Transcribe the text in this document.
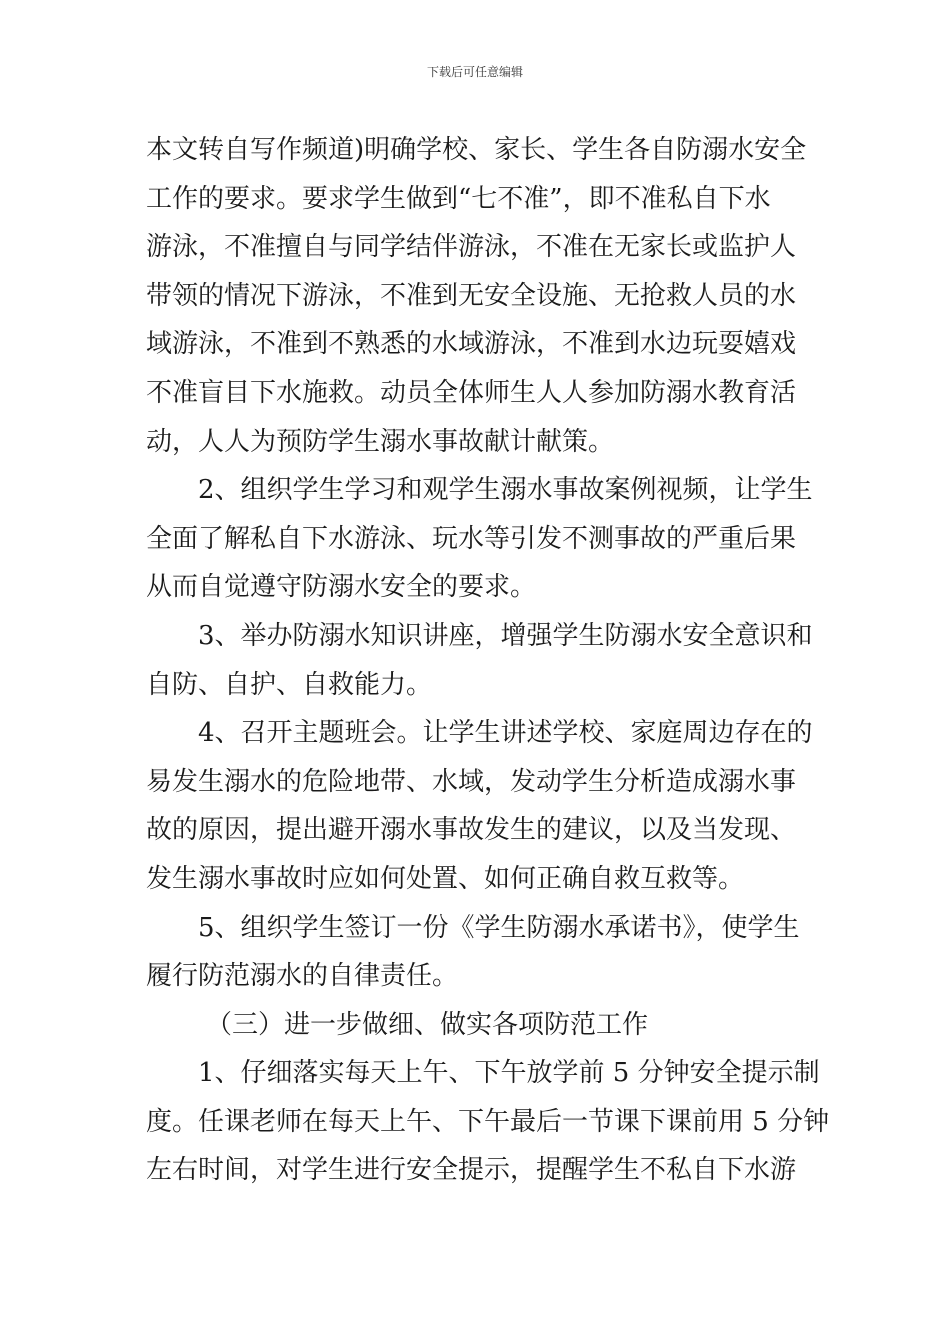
下载后可任意编辑
本文转自写作频道)明确学校、家长、学生各自防溺水安全
工作的要求。要求学生做到“七不准”，即不准私自下水
游泳，不准擅自与同学结伴游泳，不准在无家长或监护人
带领的情况下游泳，不准到无安全设施、无抢救人员的水
域游泳，不准到不熟悉的水域游泳，不准到水边玩耍嬉戏
不准盲目下水施救。动员全体师生人人参加防溺水教育活
动，人人为预防学生溺水事故献计献策。
2、组织学生学习和观学生溺水事故案例视频，让学生
全面了解私自下水游泳、玩水等引发不测事故的严重后果
从而自觉遵守防溺水安全的要求。
3、举办防溺水知识讲座，增强学生防溺水安全意识和
自防、自护、自救能力。
4、召开主题班会。让学生讲述学校、家庭周边存在的
易发生溺水的危险地带、水域，发动学生分析造成溺水事
故的原因，提出避开溺水事故发生的建议，以及当发现、
发生溺水事故时应如何处置、如何正确自救互救等。
5、组织学生签订一份《学生防溺水承诺书》，使学生
履行防范溺水的自律责任。
（三）进一步做细、做实各项防范工作
1、仔细落实每天上午、下午放学前 5 分钟安全提示制
度。任课老师在每天上午、下午最后一节课下课前用 5 分钟
左右时间，对学生进行安全提示，提醒学生不私自下水游
